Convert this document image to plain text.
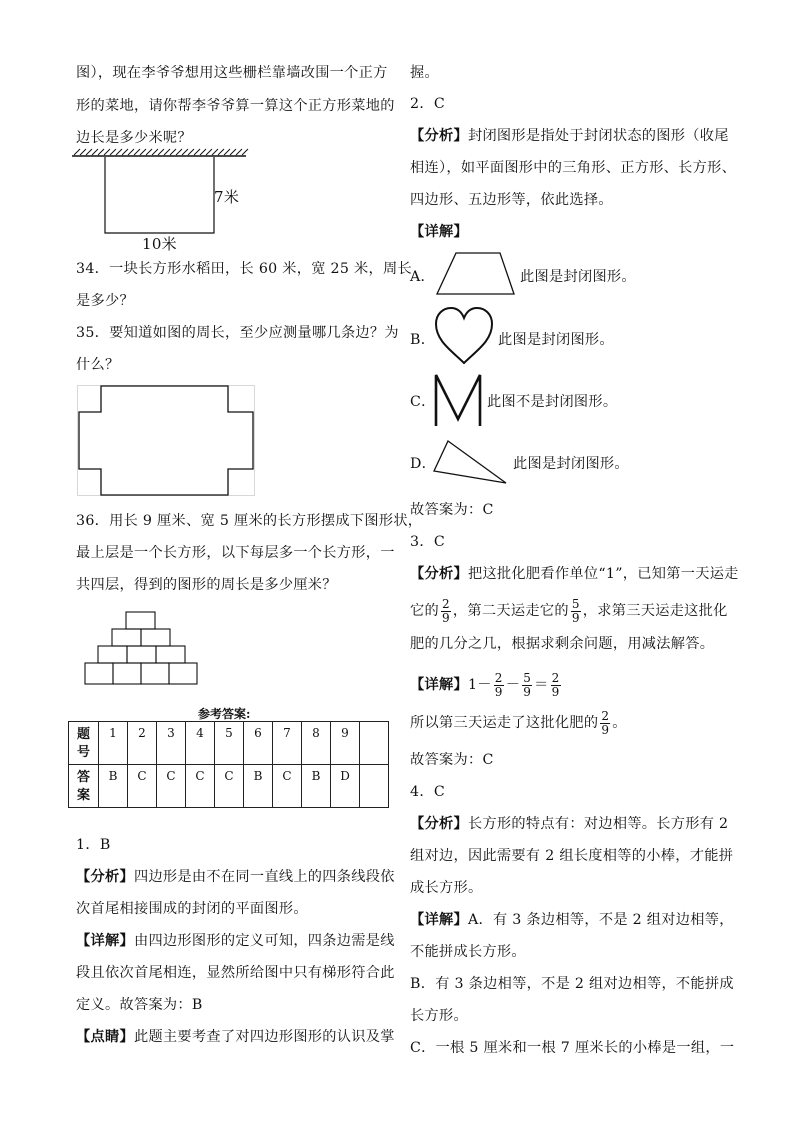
图），现在李爷爷想用这些栅栏靠墙改围一个正方
形的菜地，请你帮李爷爷算一算这个正方形菜地的
边长是多少米呢？
7米
10米
34．一块长方形水稻田，长 60 米，宽 25 米，周长
是多少？
35．要知道如图的周长，至少应测量哪几条边？为
什么？
36．用长 9 厘米、宽 5 厘米的长方形摆成下图形状，
最上层是一个长方形，以下每层多一个长方形，一
共四层，得到的图形的周长是多少厘米？
参考答案:
题
号	1	2	3	4	5	6	7	8	9	
答
案	B	C	C	C	C	B	C	B	D	
1．B
【分析】四边形是由不在同一直线上的四条线段依
次首尾相接围成的封闭的平面图形。
【详解】由四边形图形的定义可知，四条边需是线
段且依次首尾相连，显然所给图中只有梯形符合此
定义。故答案为：B
【点睛】此题主要考查了对四边形图形的认识及掌
握。
2．C
【分析】封闭图形是指处于封闭状态的图形（收尾
相连），如平面图形中的三角形、正方形、长方形、
四边形、五边形等，依此选择。
【详解】
A．	此图是封闭图形。
B．	此图是封闭图形。
C．	此图不是封闭图形。
D．	此图是封闭图形。
故答案为：C
3．C
【分析】把这批化肥看作单位“1”，已知第一天运走
它的 $\frac{2}{9}$ ，第二天运走它的 $\frac{5}{9}$ ，求第三天运走这批化
肥的几分之几，根据求剩余问题，用减法解答。
【详解】$1- \frac{2}{9} - \frac{5}{9} = \frac{2}{9}$
所以第三天运走了这批化肥的 $\frac{2}{9}$ 。
故答案为：C
4．C
【分析】长方形的特点有：对边相等。长方形有 2
组对边，因此需要有 2 组长度相等的小棒，才能拼
成长方形。
【详解】A．有 3 条边相等，不是 2 组对边相等，
不能拼成长方形。
B．有 3 条边相等，不是 2 组对边相等，不能拼成
长方形。
C．一根 5 厘米和一根 7 厘米长的小棒是一组，一
